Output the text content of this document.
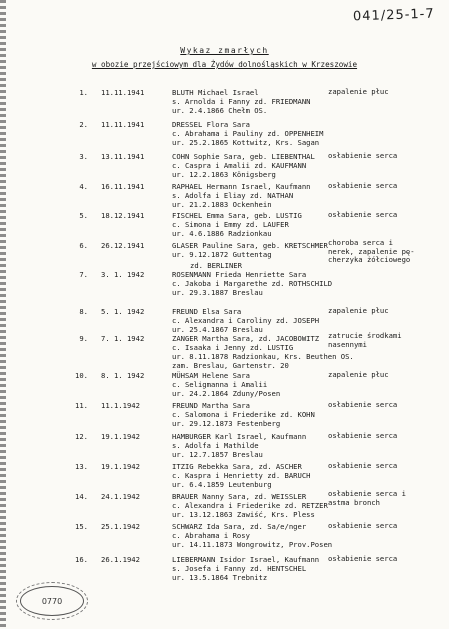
041/25-1-7
Wykaz zmarłych
w obozie przejściowym dla Żydów dolnośląskich w Krzeszowie
1. 11.11.1941	BLUTH Michael Israel
s. Arnolda i Fanny zd. FRIEDMANN
ur. 2.4.1866 Chełm OS.
zapalenie płuc
2. 11.11.1941	DRESSEL Flora Sara
c. Abrahama i Pauliny zd. OPPENHEIM
ur. 25.2.1865 Kottwitz, Krs. Sagan
3. 13.11.1941	COHN Sophie Sara, geb. LIEBENTHAL
c. Caspra i Amalii zd. KAUFMANN
ur. 12.2.1863 Königsberg
osłabienie serca
4. 16.11.1941	RAPHAEL Hermann Israel, Kaufmann
s. Adolfa i Eliay zd. NATHAN
ur. 21.2.1883 Ockenhein
osłabienie serca
5. 18.12.1941	FISCHEL Emma Sara, geb. LUSTIG
c. Simona i Emmy zd. LAUFER
ur. 4.6.1886 Radzionkau
osłabienie serca
6. 26.12.1941	GLASER Pauline Sara, geb. KRETSCHMER
ur. 9.12.1872 Guttentag
choroba serca i
nerek, zapalenie pę-
cherzyka żółciowego
7. 3. 1. 1942
zd. BERLINER
ROSENMANN Frieda Henriette Sara
c. Jakoba i Margarethe zd. ROTHSCHILD
ur. 29.3.1887 Breslau
8. 5. 1. 1942	FREUND Elsa Sara
c. Alexandra i Caroliny zd. JOSEPH
ur. 25.4.1867 Breslau
zapalenie płuc
9. 7. 1. 1942	ZANGER Martha Sara, zd. JACOBOWITZ
c. Isaaka i Jenny zd. LUSTIG
ur. 8.11.1878 Radzionkau, Krs. Beuthen OS.
zam. Breslau, Gartenstr. 20
zatrucie środkami
nasennymi
10. 8. 1. 1942	MÜHSAM Helene Sara
c. Seligmanna i Amalii
ur. 24.2.1864 Zduny/Posen
zapalenie płuc
11. 11.1.1942	FREUND Martha Sara
c. Salomona i Friederike zd. KOHN
ur. 29.12.1873 Festenberg
osłabienie serca
12. 19.1.1942	HAMBURGER Karl Israel, Kaufmann
s. Adolfa i Mathilde
ur. 12.7.1857 Breslau
osłabienie serca
13. 19.1.1942	ITZIG Rebekka Sara, zd. ASCHER
c. Kaspra i Henrietty zd. BARUCH
ur. 6.4.1859 Leutenburg
osłabienie serca
14. 24.1.1942	BRAUER Nanny Sara, zd. WEISSLER
c. Alexandra i Friederike zd. RETZER
ur. 13.12.1863 Zawiść, Krs. Pless
osłabienie serca i
astma bronch
15. 25.1.1942	SCHWARZ Ida Sara, zd. Sa/e/nger
c. Abrahama i Rosy
ur. 14.11.1873 Wongrowitz, Prov.Posen
osłabienie serca
16. 26.1.1942	LIEBERMANN Isidor Israel, Kaufmann
s. Josefa i Fanny zd. HENTSCHEL
ur. 13.5.1864 Trebnitz
osłabienie serca
0770
